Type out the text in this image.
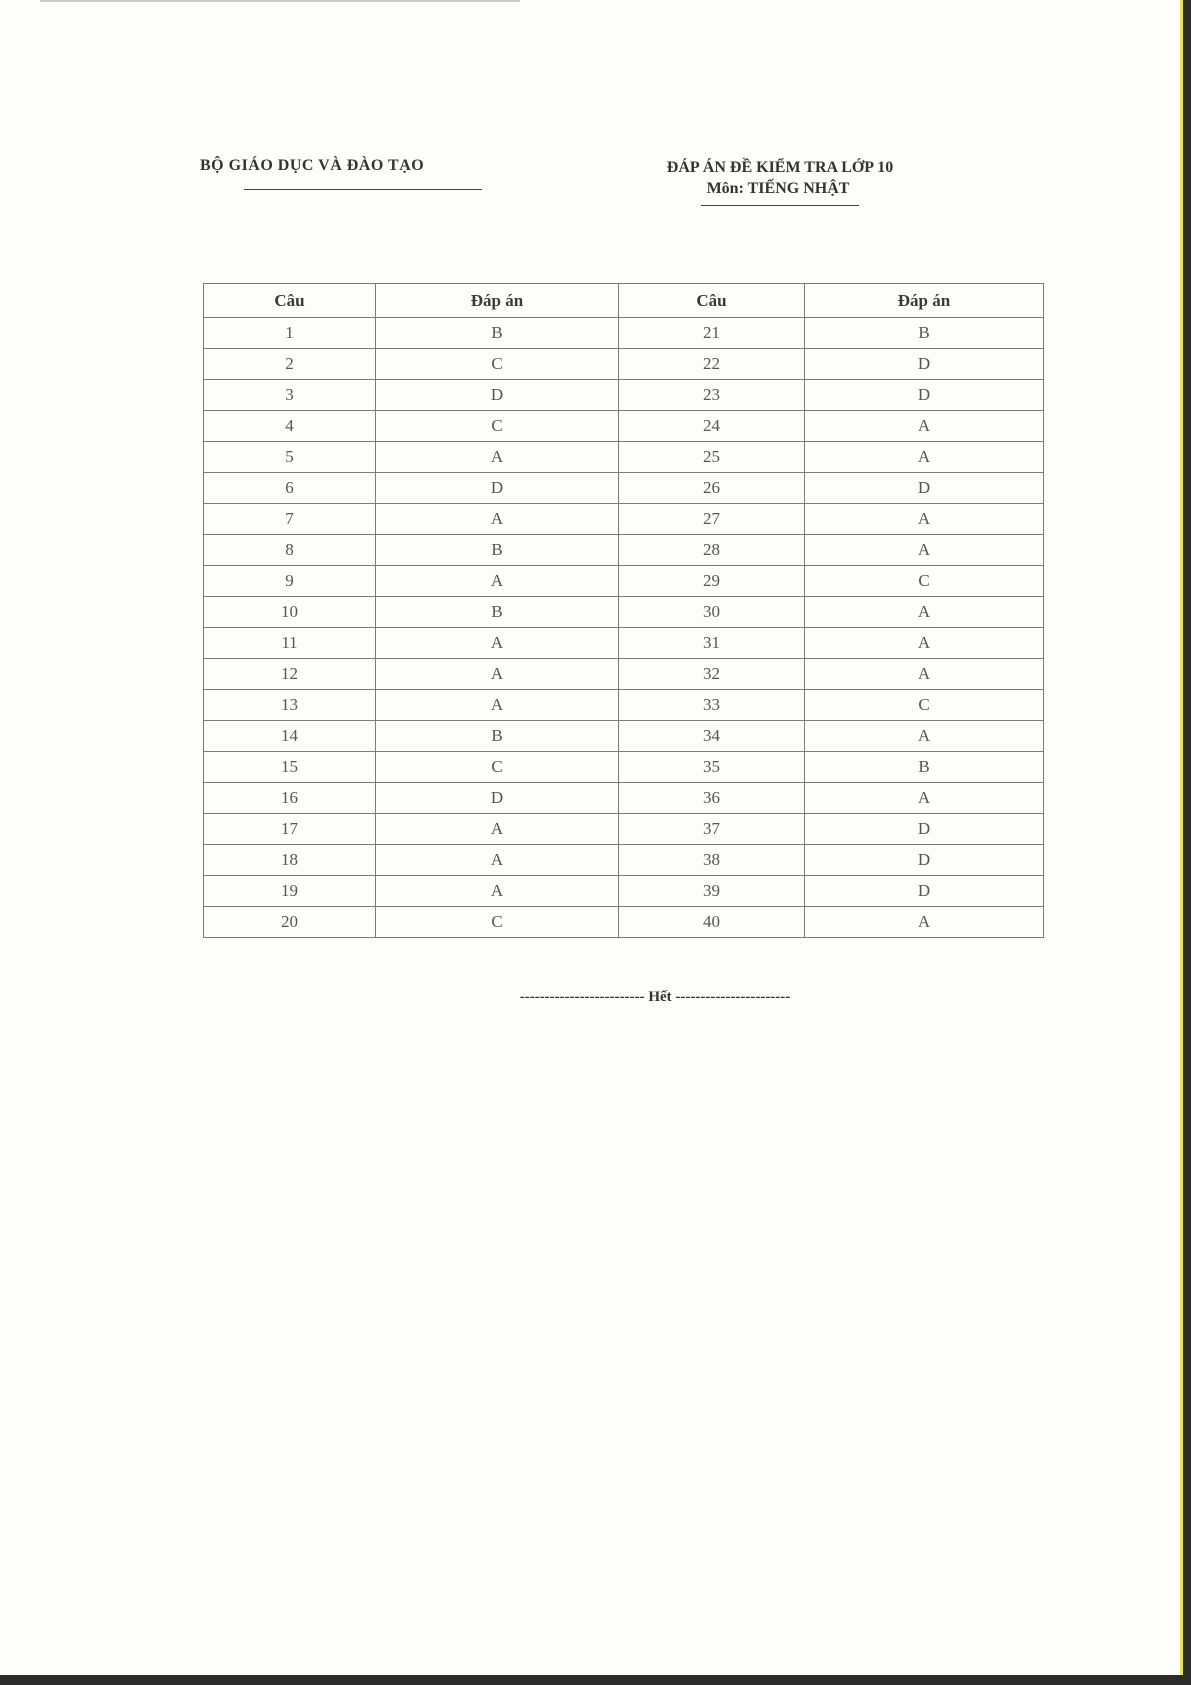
BỘ GIÁO DỤC VÀ ĐÀO TẠO	ĐÁP ÁN ĐỀ KIỂM TRA LỚP 10
Môn: TIẾNG NHẬT
Câu	Đáp án	Câu	Đáp án
1	B	21	B
2	C	22	D
3	D	23	D
4	C	24	A
5	A	25	A
6	D	26	D
7	A	27	A
8	B	28	A
9	A	29	C
10	B	30	A
11	A	31	A
12	A	32	A
13	A	33	C
14	B	34	A
15	C	35	B
16	D	36	A
17	A	37	D
18	A	38	D
19	A	39	D
20	C	40	A
------------------------- Hết -----------------------
